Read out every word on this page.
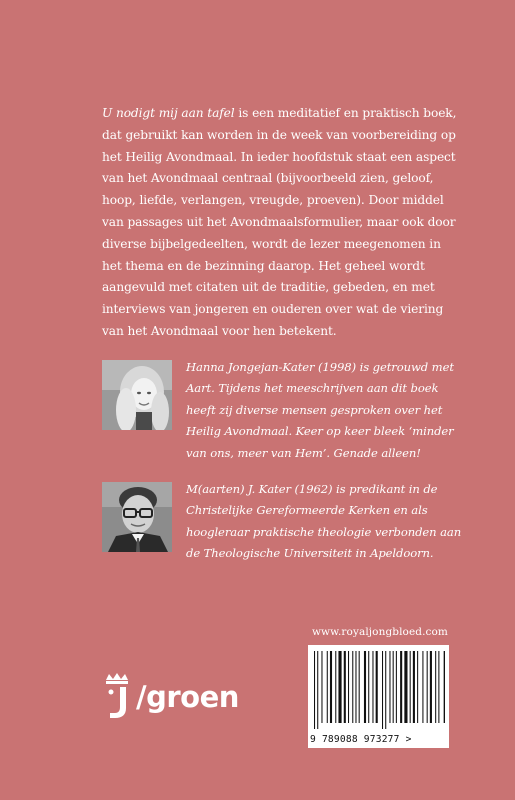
U nodigt mij aan tafel is een meditatief en praktisch boek, dat gebruikt kan worden in de week van voorbereiding op het Heilig Avondmaal. In ieder hoofdstuk staat een aspect van het Avondmaal centraal (bijvoorbeeld zien, geloof, hoop, liefde, verlangen, vreugde, proeven). Door middel van passages uit het Avondmaalsformulier, maar ook door diverse bijbelgedeelten, wordt de lezer meegenomen in het thema en de bezinning daarop. Het geheel wordt aangevuld met citaten uit de traditie, gebeden, en met interviews van jongeren en ouderen over wat de viering van het Avondmaal voor hen betekent.
Hanna Jongejan-Kater (1998) is getrouwd met Aart. Tijdens het meeschrijven aan dit boek heeft zij diverse mensen gesproken over het Heilig Avondmaal. Keer op keer bleek ‘minder van ons, meer van Hem’. Genade alleen!
M(aarten) J. Kater (1962) is predikant in de Christelijke Gereformeerde Kerken en als hoogleraar praktische theologie verbonden aan de Theologische Universiteit in Apeldoorn.
www.royaljongbloed.com
9 789088 973277 >
/groen
